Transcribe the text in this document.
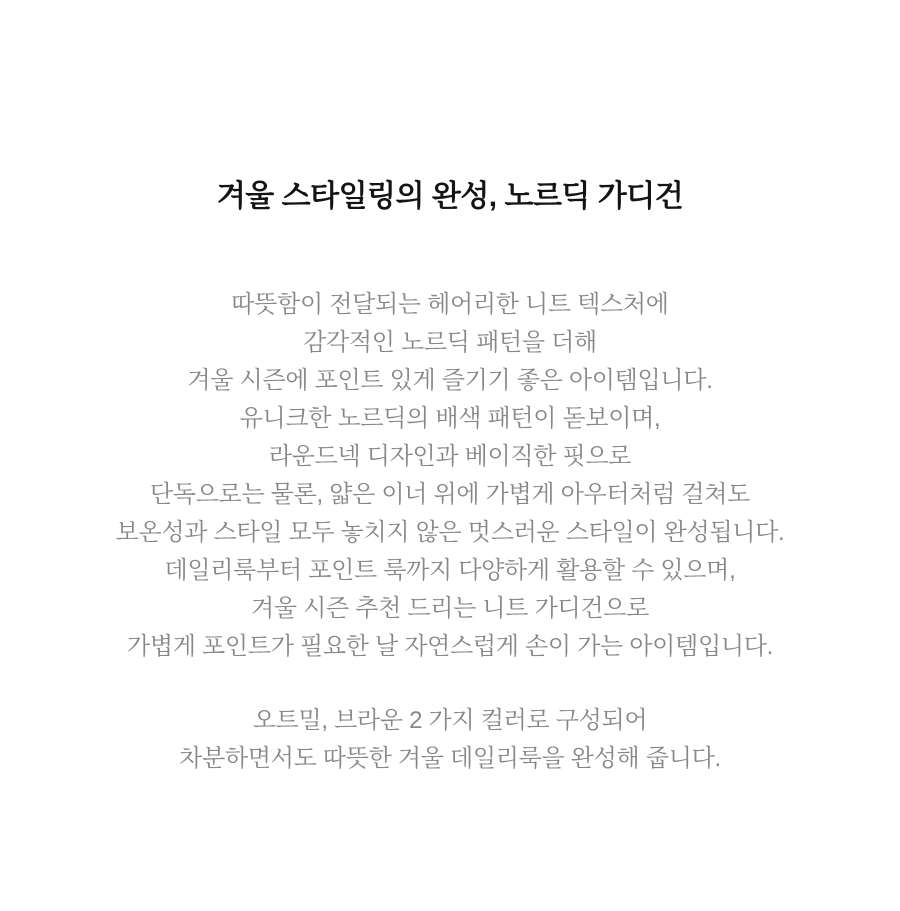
겨울 스타일링의 완성, 노르딕 가디건

따뜻함이 전달되는 헤어리한 니트 텍스처에
감각적인 노르딕 패턴을 더해
겨울 시즌에 포인트 있게 즐기기 좋은 아이템입니다.
유니크한 노르딕의 배색 패턴이 돋보이며,
라운드넥 디자인과 베이직한 핏으로
단독으로는 물론, 얇은 이너 위에 가볍게 아우터처럼 걸쳐도
보온성과 스타일 모두 놓치지 않은 멋스러운 스타일이 완성됩니다.
데일리룩부터 포인트 룩까지 다양하게 활용할 수 있으며,
겨울 시즌 추천 드리는 니트 가디건으로
가볍게 포인트가 필요한 날 자연스럽게 손이 가는 아이템입니다.

오트밀, 브라운 2 가지 컬러로 구성되어
차분하면서도 따뜻한 겨울 데일리룩을 완성해 줍니다.
